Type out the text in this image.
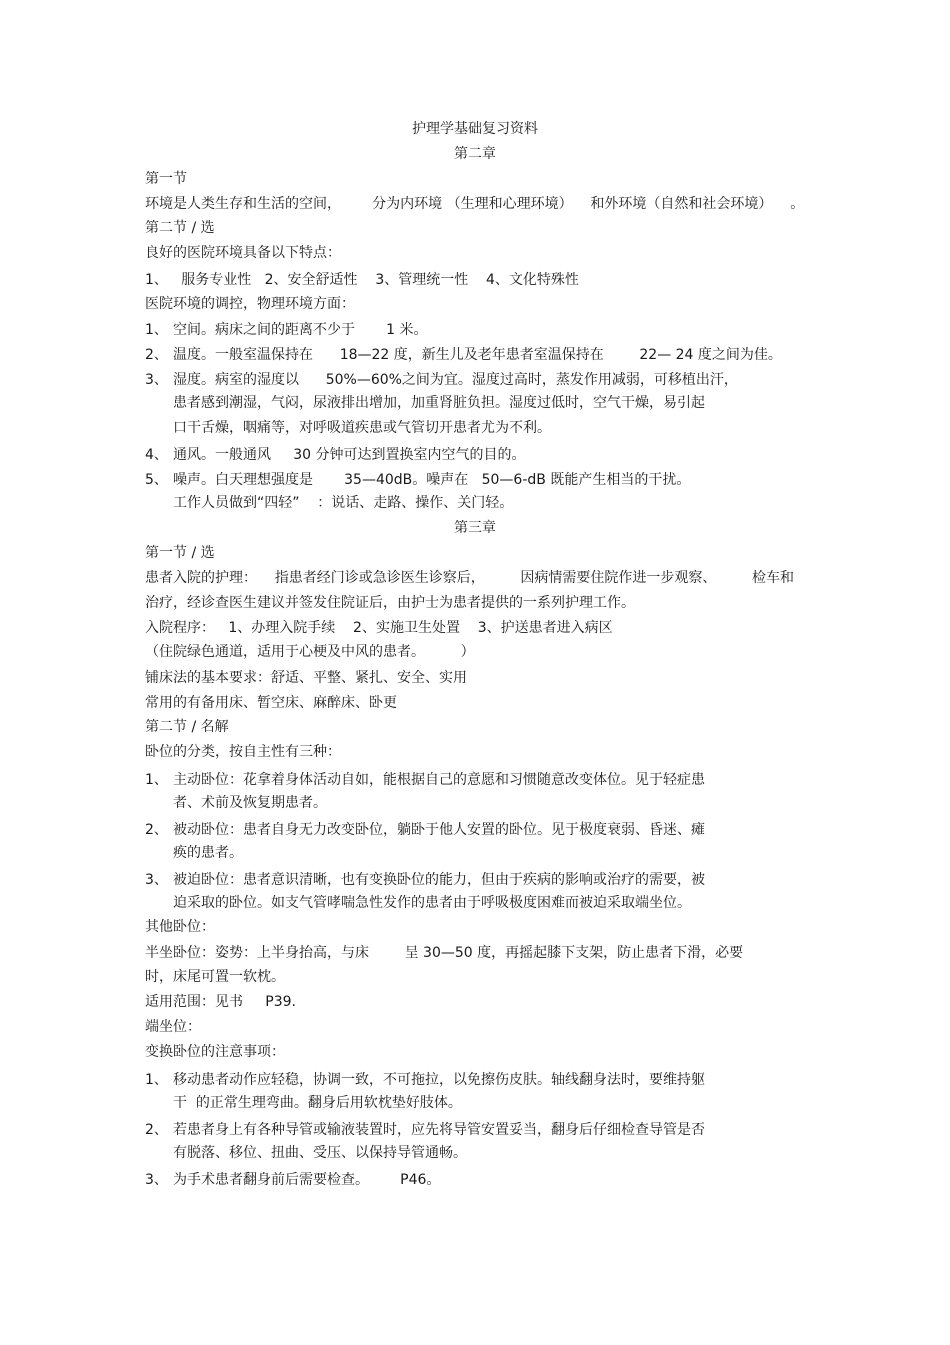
护理学基础复习资料
第二章
第一节
环境是人类生存和生活的空间，       分为内环境 （生理和心理环境）    和外环境（自然和社会环境）    。
第二节 / 选
良好的医院环境具备以下特点：
1、   服务专业性   2、安全舒适性    3、管理统一性    4、文化特殊性
医院环境的调控，物理环境方面：
1、 空间。病床之间的距离不少于       1 米。
2、 温度。一般室温保持在      18—22 度，新生儿及老年患者室温保持在        22— 24 度之间为佳。
3、 湿度。病室的湿度以      50%—60%之间为宜。湿度过高时，蒸发作用减弱，可移植出汗，
患者感到潮湿，气闷，尿液排出增加，加重肾脏负担。湿度过低时，空气干燥，易引起
口干舌燥，咽痛等，对呼吸道疾患或气管切开患者尤为不利。
4、 通风。一般通风     30 分钟可达到置换室内空气的目的。
5、 噪声。白天理想强度是       35—40dB。噪声在   50—6-dB 既能产生相当的干扰。
工作人员做到“四轻”    ：说话、走路、操作、关门轻。
第三章
第一节 / 选
患者入院的护理：    指患者经门诊或急诊医生诊察后，        因病情需要住院作进一步观察、        检车和
治疗，经诊查医生建议并签发住院证后，由护士为患者提供的一系列护理工作。
入院程序：   1、办理入院手续    2、实施卫生处置    3、护送患者进入病区
（住院绿色通道，适用于心梗及中风的患者。        ）
铺床法的基本要求：舒适、平整、紧扎、安全、实用
常用的有备用床、暂空床、麻醉床、卧更
第二节 / 名解
卧位的分类，按自主性有三种：
1、 主动卧位：花拿着身体活动自如，能根据自己的意愿和习惯随意改变体位。见于轻症患
者、术前及恢复期患者。
2、 被动卧位：患者自身无力改变卧位，躺卧于他人安置的卧位。见于极度衰弱、昏迷、瘫
痪的患者。
3、 被迫卧位：患者意识清晰，也有变换卧位的能力，但由于疾病的影响或治疗的需要，被
迫采取的卧位。如支气管哮喘急性发作的患者由于呼吸极度困难而被迫采取端坐位。
其他卧位：
半坐卧位：姿势：上半身抬高，与床        呈 30—50 度，再摇起膝下支架，防止患者下滑，必要
时，床尾可置一软枕。
适用范围：见书     P39.
端坐位：
变换卧位的注意事项：
1、 移动患者动作应轻稳，协调一致，不可拖拉，以免擦伤皮肤。轴线翻身法时，要维持躯
干  的正常生理弯曲。翻身后用软枕垫好肢体。
2、 若患者身上有各种导管或输液装置时，应先将导管安置妥当，翻身后仔细检查导管是否
有脱落、移位、扭曲、受压、以保持导管通畅。
3、 为手术患者翻身前后需要检查。       P46。
